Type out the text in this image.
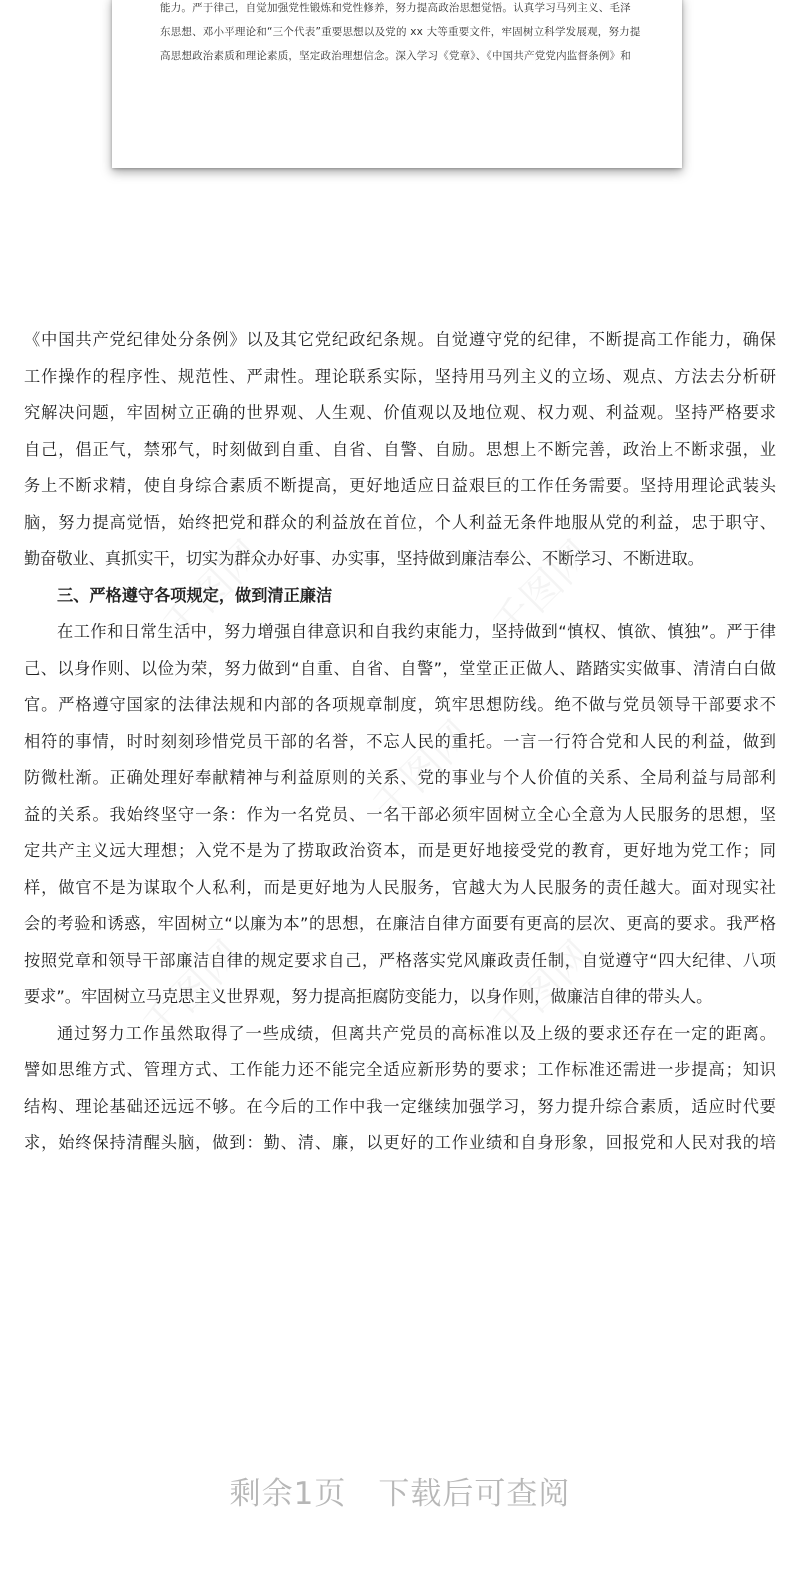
能力。严于律己，自觉加强党性锻炼和党性修养，努力提高政治思想觉悟。认真学习马列主义、毛泽
东思想、邓小平理论和“三个代表”重要思想以及党的 xx 大等重要文件，牢固树立科学发展观，努力提
高思想政治素质和理论素质，坚定政治理想信念。深入学习《党章》、《中国共产党党内监督条例》和
《中国共产党纪律处分条例》以及其它党纪政纪条规。自觉遵守党的纪律，不断提高工作能力，确保
工作操作的程序性、规范性、严肃性。理论联系实际，坚持用马列主义的立场、观点、方法去分析研
究解决问题，牢固树立正确的世界观、人生观、价值观以及地位观、权力观、利益观。坚持严格要求
自己，倡正气，禁邪气，时刻做到自重、自省、自警、自励。思想上不断完善，政治上不断求强，业
务上不断求精，使自身综合素质不断提高，更好地适应日益艰巨的工作任务需要。坚持用理论武装头
脑，努力提高觉悟，始终把党和群众的利益放在首位，个人利益无条件地服从党的利益，忠于职守、
勤奋敬业、真抓实干，切实为群众办好事、办实事，坚持做到廉洁奉公、不断学习、不断进取。
三、严格遵守各项规定，做到清正廉洁
在工作和日常生活中，努力增强自律意识和自我约束能力，坚持做到“慎权、慎欲、慎独”。严于律
己、以身作则、以俭为荣，努力做到“自重、自省、自警”，堂堂正正做人、踏踏实实做事、清清白白做
官。严格遵守国家的法律法规和内部的各项规章制度，筑牢思想防线。绝不做与党员领导干部要求不
相符的事情，时时刻刻珍惜党员干部的名誉，不忘人民的重托。一言一行符合党和人民的利益，做到
防微杜渐。正确处理好奉献精神与利益原则的关系、党的事业与个人价值的关系、全局利益与局部利
益的关系。我始终坚守一条：作为一名党员、一名干部必须牢固树立全心全意为人民服务的思想，坚
定共产主义远大理想；入党不是为了捞取政治资本，而是更好地接受党的教育，更好地为党工作；同
样，做官不是为谋取个人私利，而是更好地为人民服务，官越大为人民服务的责任越大。面对现实社
会的考验和诱惑，牢固树立“以廉为本”的思想，在廉洁自律方面要有更高的层次、更高的要求。我严格
按照党章和领导干部廉洁自律的规定要求自己，严格落实党风廉政责任制，自觉遵守“四大纪律、八项
要求”。牢固树立马克思主义世界观，努力提高拒腐防变能力，以身作则，做廉洁自律的带头人。
通过努力工作虽然取得了一些成绩，但离共产党员的高标准以及上级的要求还存在一定的距离。
譬如思维方式、管理方式、工作能力还不能完全适应新形势的要求；工作标准还需进一步提高；知识
结构、理论基础还远远不够。在今后的工作中我一定继续加强学习，努力提升综合素质，适应时代要
求，始终保持清醒头脑，做到：勤、清、廉，以更好的工作业绩和自身形象，回报党和人民对我的培
剩余1页　下载后可查阅
